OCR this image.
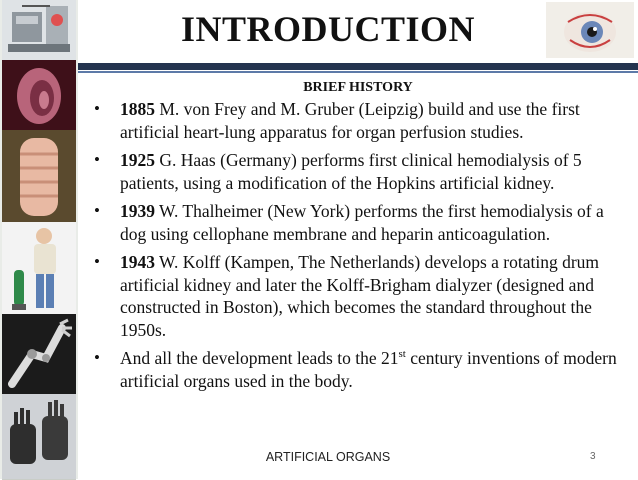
INTRODUCTION
BRIEF HISTORY
• 1885 M. von Frey and M. Gruber (Leipzig) build and use the first artificial heart-lung apparatus for organ perfusion studies.
• 1925 G. Haas (Germany) performs first clinical hemodialysis of 5 patients, using a modification of the Hopkins artificial kidney.
• 1939 W. Thalheimer (New York) performs the first hemodialysis of a dog using cellophane membrane and heparin anticoagulation.
• 1943 W. Kolff (Kampen, The Netherlands) develops a rotating drum artificial kidney and later the Kolff-Brigham dialyzer (designed and constructed in Boston), which becomes the standard throughout the 1950s.
• And all the development leads to the 21st century inventions of modern artificial organs used in the body.
ARTIFICIAL ORGANS	3
